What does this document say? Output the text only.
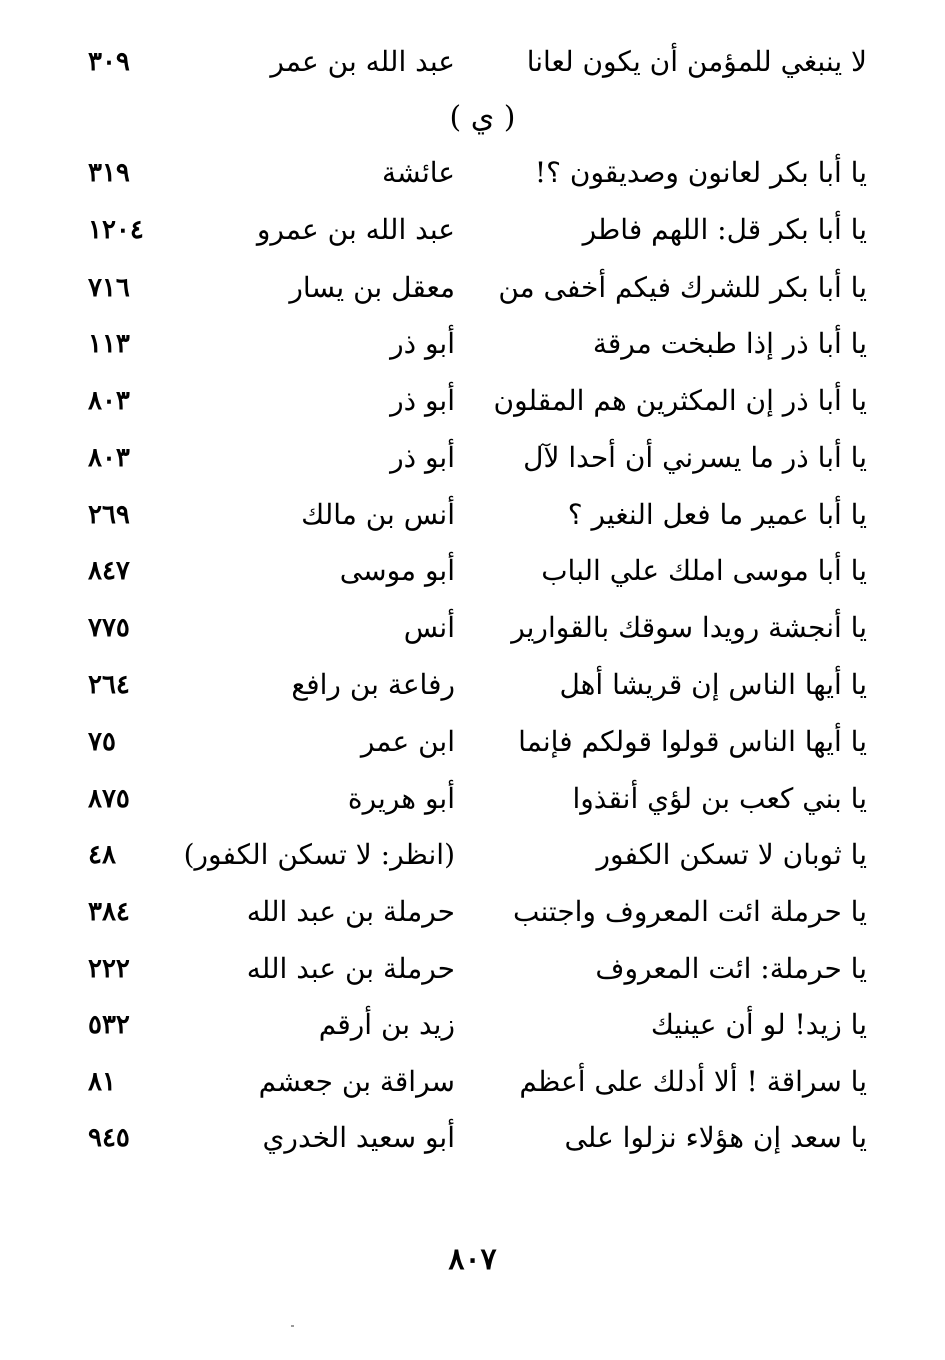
لا ينبغي للمؤمن أن يكون لعانا
عبد الله بن عمر
٣٠٩
( ي )
يا أبا بكر لعانون وصديقون ؟!
عائشة
٣١٩
يا أبا بكر قل: اللهم فاطر
عبد الله بن عمرو
١٢٠٤
يا أبا بكر للشرك فيكم أخفى من
معقل بن يسار
٧١٦
يا أبا ذر إذا طبخت مرقة
أبو ذر
١١٣
يا أبا ذر إن المكثرين هم المقلون
أبو ذر
٨٠٣
يا أبا ذر ما يسرني أن أحدا لآل
أبو ذر
٨٠٣
يا أبا عمير ما فعل النغير ؟
أنس بن مالك
٢٦٩
يا أبا موسى املك علي الباب
أبو موسى
٨٤٧
يا أنجشة رويدا سوقك بالقوارير
أنس
٧٧٥
يا أيها الناس إن قريشا أهل
رفاعة بن رافع
٢٦٤
يا أيها الناس قولوا قولكم فإنما
ابن عمر
٧٥
يا بني كعب بن لؤي أنقذوا
أبو هريرة
٨٧٥
يا ثوبان لا تسكن الكفور
(انظر: لا تسكن الكفور)
٤٨
يا حرملة ائت المعروف واجتنب
حرملة بن عبد الله
٣٨٤
يا حرملة: ائت المعروف
حرملة بن عبد الله
٢٢٢
يا زيد! لو أن عينيك
زيد بن أرقم
٥٣٢
يا سراقة ! ألا أدلك على أعظم
سراقة بن جعشم
٨١
يا سعد إن هؤلاء نزلوا على
أبو سعيد الخدري
٩٤٥
٨٠٧
